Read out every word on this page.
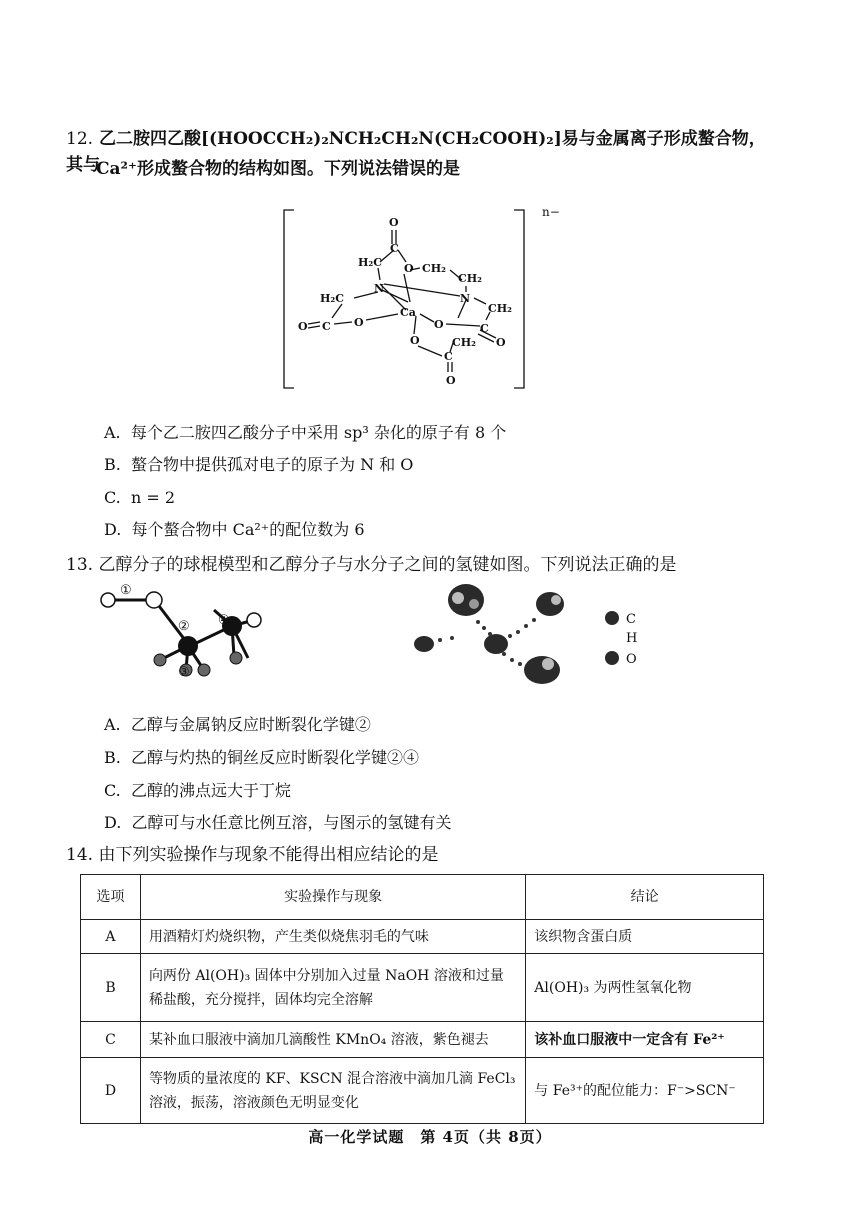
12. 乙二胺四乙酸[(HOOCCH₂)₂NCH₂CH₂N(CH₂COOH)₂]易与金属离子形成螯合物，其与
Ca²⁺形成螯合物的结构如图。下列说法错误的是
n−
O
C
H₂C O CH₂
CH₂
N
N
H₂C
CH₂
Ca
O C O	O	C
O
O	CH₂
C
O
A. 每个乙二胺四乙酸分子中采用 sp³ 杂化的原子有 8 个
B. 螯合物中提供孤对电子的原子为 N 和 O
C. n = 2
D. 每个螯合物中 Ca²⁺的配位数为 6
13. 乙醇分子的球棍模型和乙醇分子与水分子之间的氢键如图。下列说法正确的是
①
②
③
④	C
H
O
A. 乙醇与金属钠反应时断裂化学键②
B. 乙醇与灼热的铜丝反应时断裂化学键②④
C. 乙醇的沸点远大于丁烷
D. 乙醇可与水任意比例互溶，与图示的氢键有关
14. 由下列实验操作与现象不能得出相应结论的是
选项	实验操作与现象	结论
A	用酒精灯灼烧织物，产生类似烧焦羽毛的气味	该织物含蛋白质
B	向两份 Al(OH)₃ 固体中分别加入过量 NaOH 溶液和过量稀盐酸，充分搅拌，固体均完全溶解	Al(OH)₃ 为两性氢氧化物
C	某补血口服液中滴加几滴酸性 KMnO₄ 溶液，紫色褪去	该补血口服液中一定含有 Fe²⁺
D	等物质的量浓度的 KF、KSCN 混合溶液中滴加几滴 FeCl₃ 溶液，振荡，溶液颜色无明显变化	与 Fe³⁺的配位能力：F⁻>SCN⁻
高一化学试题　第 4页（共 8页）
